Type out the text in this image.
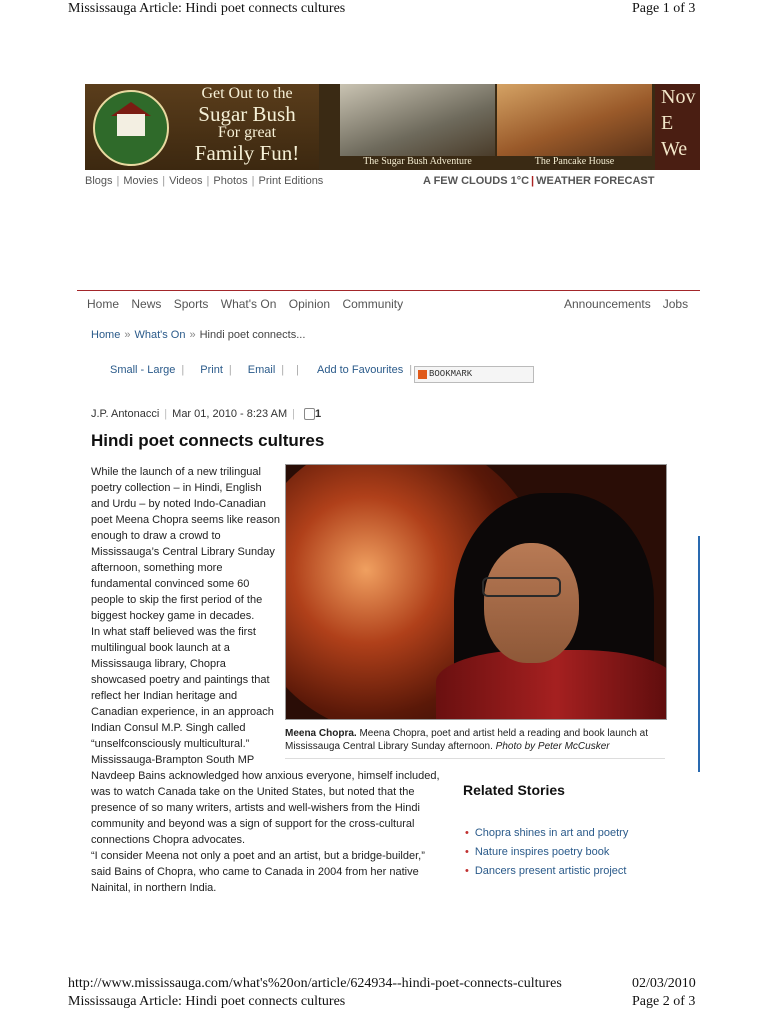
Mississauga Article: Hindi poet connects cultures	Page 1 of 3
Get Out to the
Sugar Bush
For great
Family Fun!	The Sugar Bush Adventure	The Pancake House
Nov
E
We
Blogs | Movies | Videos | Photos | Print Editions	A FEW CLOUDS 1°C | WEATHER FORECAST
Home News Sports What's On Opinion Community	Announcements Jobs
Home » What's On » Hindi poet connects...
Small - Large | Print | Email | | Add to Favourites |	BOOKMARK
J.P. Antonacci | Mar 01, 2010 - 8:23 AM | 1
Hindi poet connects cultures
While the launch of a new trilingual poetry collection – in Hindi, English and Urdu – by noted Indo-Canadian poet Meena Chopra seems like reason enough to draw a crowd to Mississauga’s Central Library Sunday afternoon, something more fundamental convinced some 60 people to skip the first period of the biggest hockey game in decades.
In what staff believed was the first multilingual book launch at a Mississauga library, Chopra showcased poetry and paintings that reflect her Indian heritage and Canadian experience, in an approach Indian Consul M.P. Singh called “unselfconsciously multicultural.”
Mississauga-Brampton South MP
Navdeep Bains acknowledged how anxious everyone, himself included, was to watch Canada take on the United States, but noted that the presence of so many writers, artists and well-wishers from the Hindi community and beyond was a sign of support for the cross-cultural connections Chopra advocates.
“I consider Meena not only a poet and an artist, but a bridge-builder,” said Bains of Chopra, who came to Canada in 2004 from her native Nainital, in northern India.
Meena Chopra. Meena Chopra, poet and artist held a reading and book launch at Mississauga Central Library Sunday afternoon. Photo by Peter McCusker
Related Stories
• Chopra shines in art and poetry
• Nature inspires poetry book
• Dancers present artistic project
http://www.mississauga.com/what's%20on/article/624934--hindi-poet-connects-cultures	02/03/2010
Mississauga Article: Hindi poet connects cultures	Page 2 of 3
